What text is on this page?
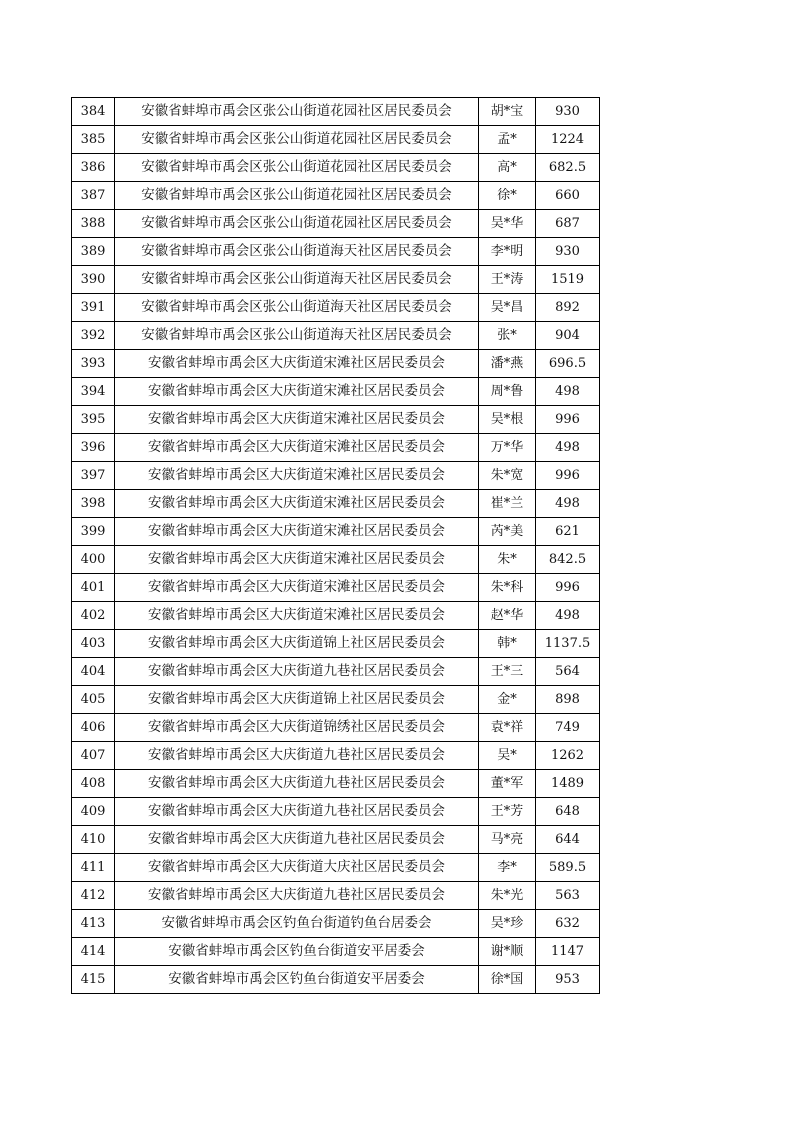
384	安徽省蚌埠市禹会区张公山街道花园社区居民委员会	胡*宝	930
385	安徽省蚌埠市禹会区张公山街道花园社区居民委员会	孟*	1224
386	安徽省蚌埠市禹会区张公山街道花园社区居民委员会	高*	682.5
387	安徽省蚌埠市禹会区张公山街道花园社区居民委员会	徐*	660
388	安徽省蚌埠市禹会区张公山街道花园社区居民委员会	吴*华	687
389	安徽省蚌埠市禹会区张公山街道海天社区居民委员会	李*明	930
390	安徽省蚌埠市禹会区张公山街道海天社区居民委员会	王*涛	1519
391	安徽省蚌埠市禹会区张公山街道海天社区居民委员会	吴*昌	892
392	安徽省蚌埠市禹会区张公山街道海天社区居民委员会	张*	904
393	安徽省蚌埠市禹会区大庆街道宋滩社区居民委员会	潘*燕	696.5
394	安徽省蚌埠市禹会区大庆街道宋滩社区居民委员会	周*鲁	498
395	安徽省蚌埠市禹会区大庆街道宋滩社区居民委员会	吴*根	996
396	安徽省蚌埠市禹会区大庆街道宋滩社区居民委员会	万*华	498
397	安徽省蚌埠市禹会区大庆街道宋滩社区居民委员会	朱*宽	996
398	安徽省蚌埠市禹会区大庆街道宋滩社区居民委员会	崔*兰	498
399	安徽省蚌埠市禹会区大庆街道宋滩社区居民委员会	芮*美	621
400	安徽省蚌埠市禹会区大庆街道宋滩社区居民委员会	朱*	842.5
401	安徽省蚌埠市禹会区大庆街道宋滩社区居民委员会	朱*科	996
402	安徽省蚌埠市禹会区大庆街道宋滩社区居民委员会	赵*华	498
403	安徽省蚌埠市禹会区大庆街道锦上社区居民委员会	韩*	1137.5
404	安徽省蚌埠市禹会区大庆街道九巷社区居民委员会	王*三	564
405	安徽省蚌埠市禹会区大庆街道锦上社区居民委员会	金*	898
406	安徽省蚌埠市禹会区大庆街道锦绣社区居民委员会	袁*祥	749
407	安徽省蚌埠市禹会区大庆街道九巷社区居民委员会	吴*	1262
408	安徽省蚌埠市禹会区大庆街道九巷社区居民委员会	董*军	1489
409	安徽省蚌埠市禹会区大庆街道九巷社区居民委员会	王*芳	648
410	安徽省蚌埠市禹会区大庆街道九巷社区居民委员会	马*亮	644
411	安徽省蚌埠市禹会区大庆街道大庆社区居民委员会	李*	589.5
412	安徽省蚌埠市禹会区大庆街道九巷社区居民委员会	朱*光	563
413	安徽省蚌埠市禹会区钓鱼台街道钓鱼台居委会	吴*珍	632
414	安徽省蚌埠市禹会区钓鱼台街道安平居委会	谢*顺	1147
415	安徽省蚌埠市禹会区钓鱼台街道安平居委会	徐*国	953
